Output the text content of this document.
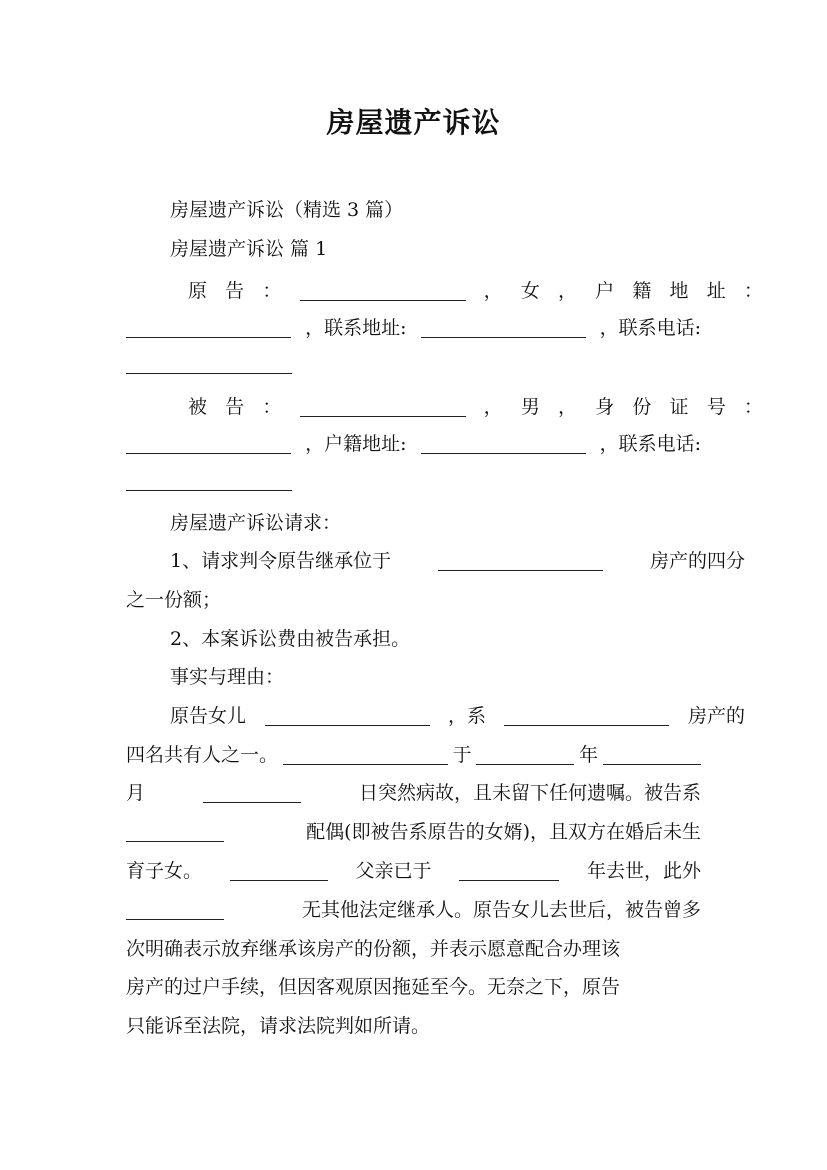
房屋遗产诉讼
房屋遗产诉讼（精选 3 篇）
房屋遗产诉讼 篇 1
原 告 ：	， 女 ， 户 籍 地 址 ：
，联系地址:	，联系电话:
被 告 ：	， 男 ， 身 份 证 号 ：
，户籍地址:	，联系电话:
房屋遗产诉讼请求：
1、请求判令原告继承位于	房产的四分
之一份额；
2、本案诉讼费由被告承担。
事实与理由：
原告女儿	，系	房产的
四名共有人之一。	于	年
月	日突然病故，且未留下任何遗嘱。被告系
配偶(即被告系原告的女婿)，且双方在婚后未生
育子女。	父亲已于	年去世，此外
无其他法定继承人。原告女儿去世后，被告曾多
次明确表示放弃继承该房产的份额，并表示愿意配合办理该
房产的过户手续，但因客观原因拖延至今。无奈之下，原告
只能诉至法院，请求法院判如所请。
